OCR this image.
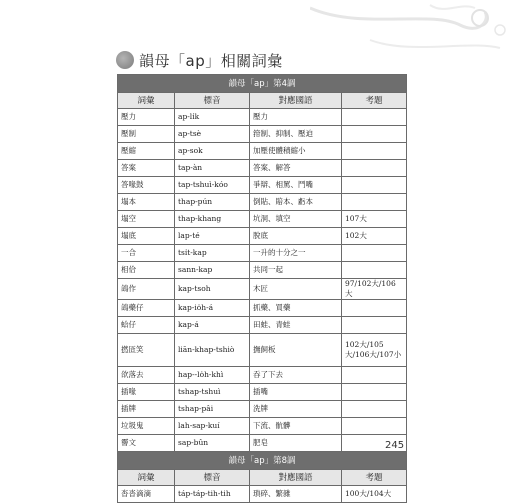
韻母「ap」相關詞彙
韻母「ap」第4調			
詞彙	標音	對應國語	考題
壓力	ap-li̍k	壓力	
壓制	ap-tsè	箝制、抑制、壓迫	
壓縮	ap-sok	加壓使體積縮小	
答案	tap-àn	答案、解答	
答喙鼓	tap-tshuì-kóo	爭辯、相罵、鬥嘴	
塌本	thap-pún	倒貼、賠本、虧本	
塌空	thap-khang	坑洞、填空	107大
塌底	lap-té	脫底	102大
一合	tsi̍t-kap	一升的十分之一	
相佮	sann-kap	共同一起	
鴿作	kap-tsoh	木匠	97/102大/106大
鴿藥仔	kap-io̍h-á	抓藥、買藥	
蛤仔	kap-á	田蛙、青蛙	
撚匼笑	liān-khap-tshiò	撫飼板	102大/105大/106大/107小
欱落去	hap--lo̍h-khì	吞了下去	
插喙	tshap-tshuì	插嘴	
插牌	tshap-pâi	洗牌	
垃圾鬼	lah-sap-kuí	下流、骯髒	
霫文	sap-bûn	肥皂	
韻母「ap」第8調			
詞彙	標音	對應國語	考題
沓沓滴滴	táp-táp-tih-tih	瑣碎、繁雜	100大/104大
245
